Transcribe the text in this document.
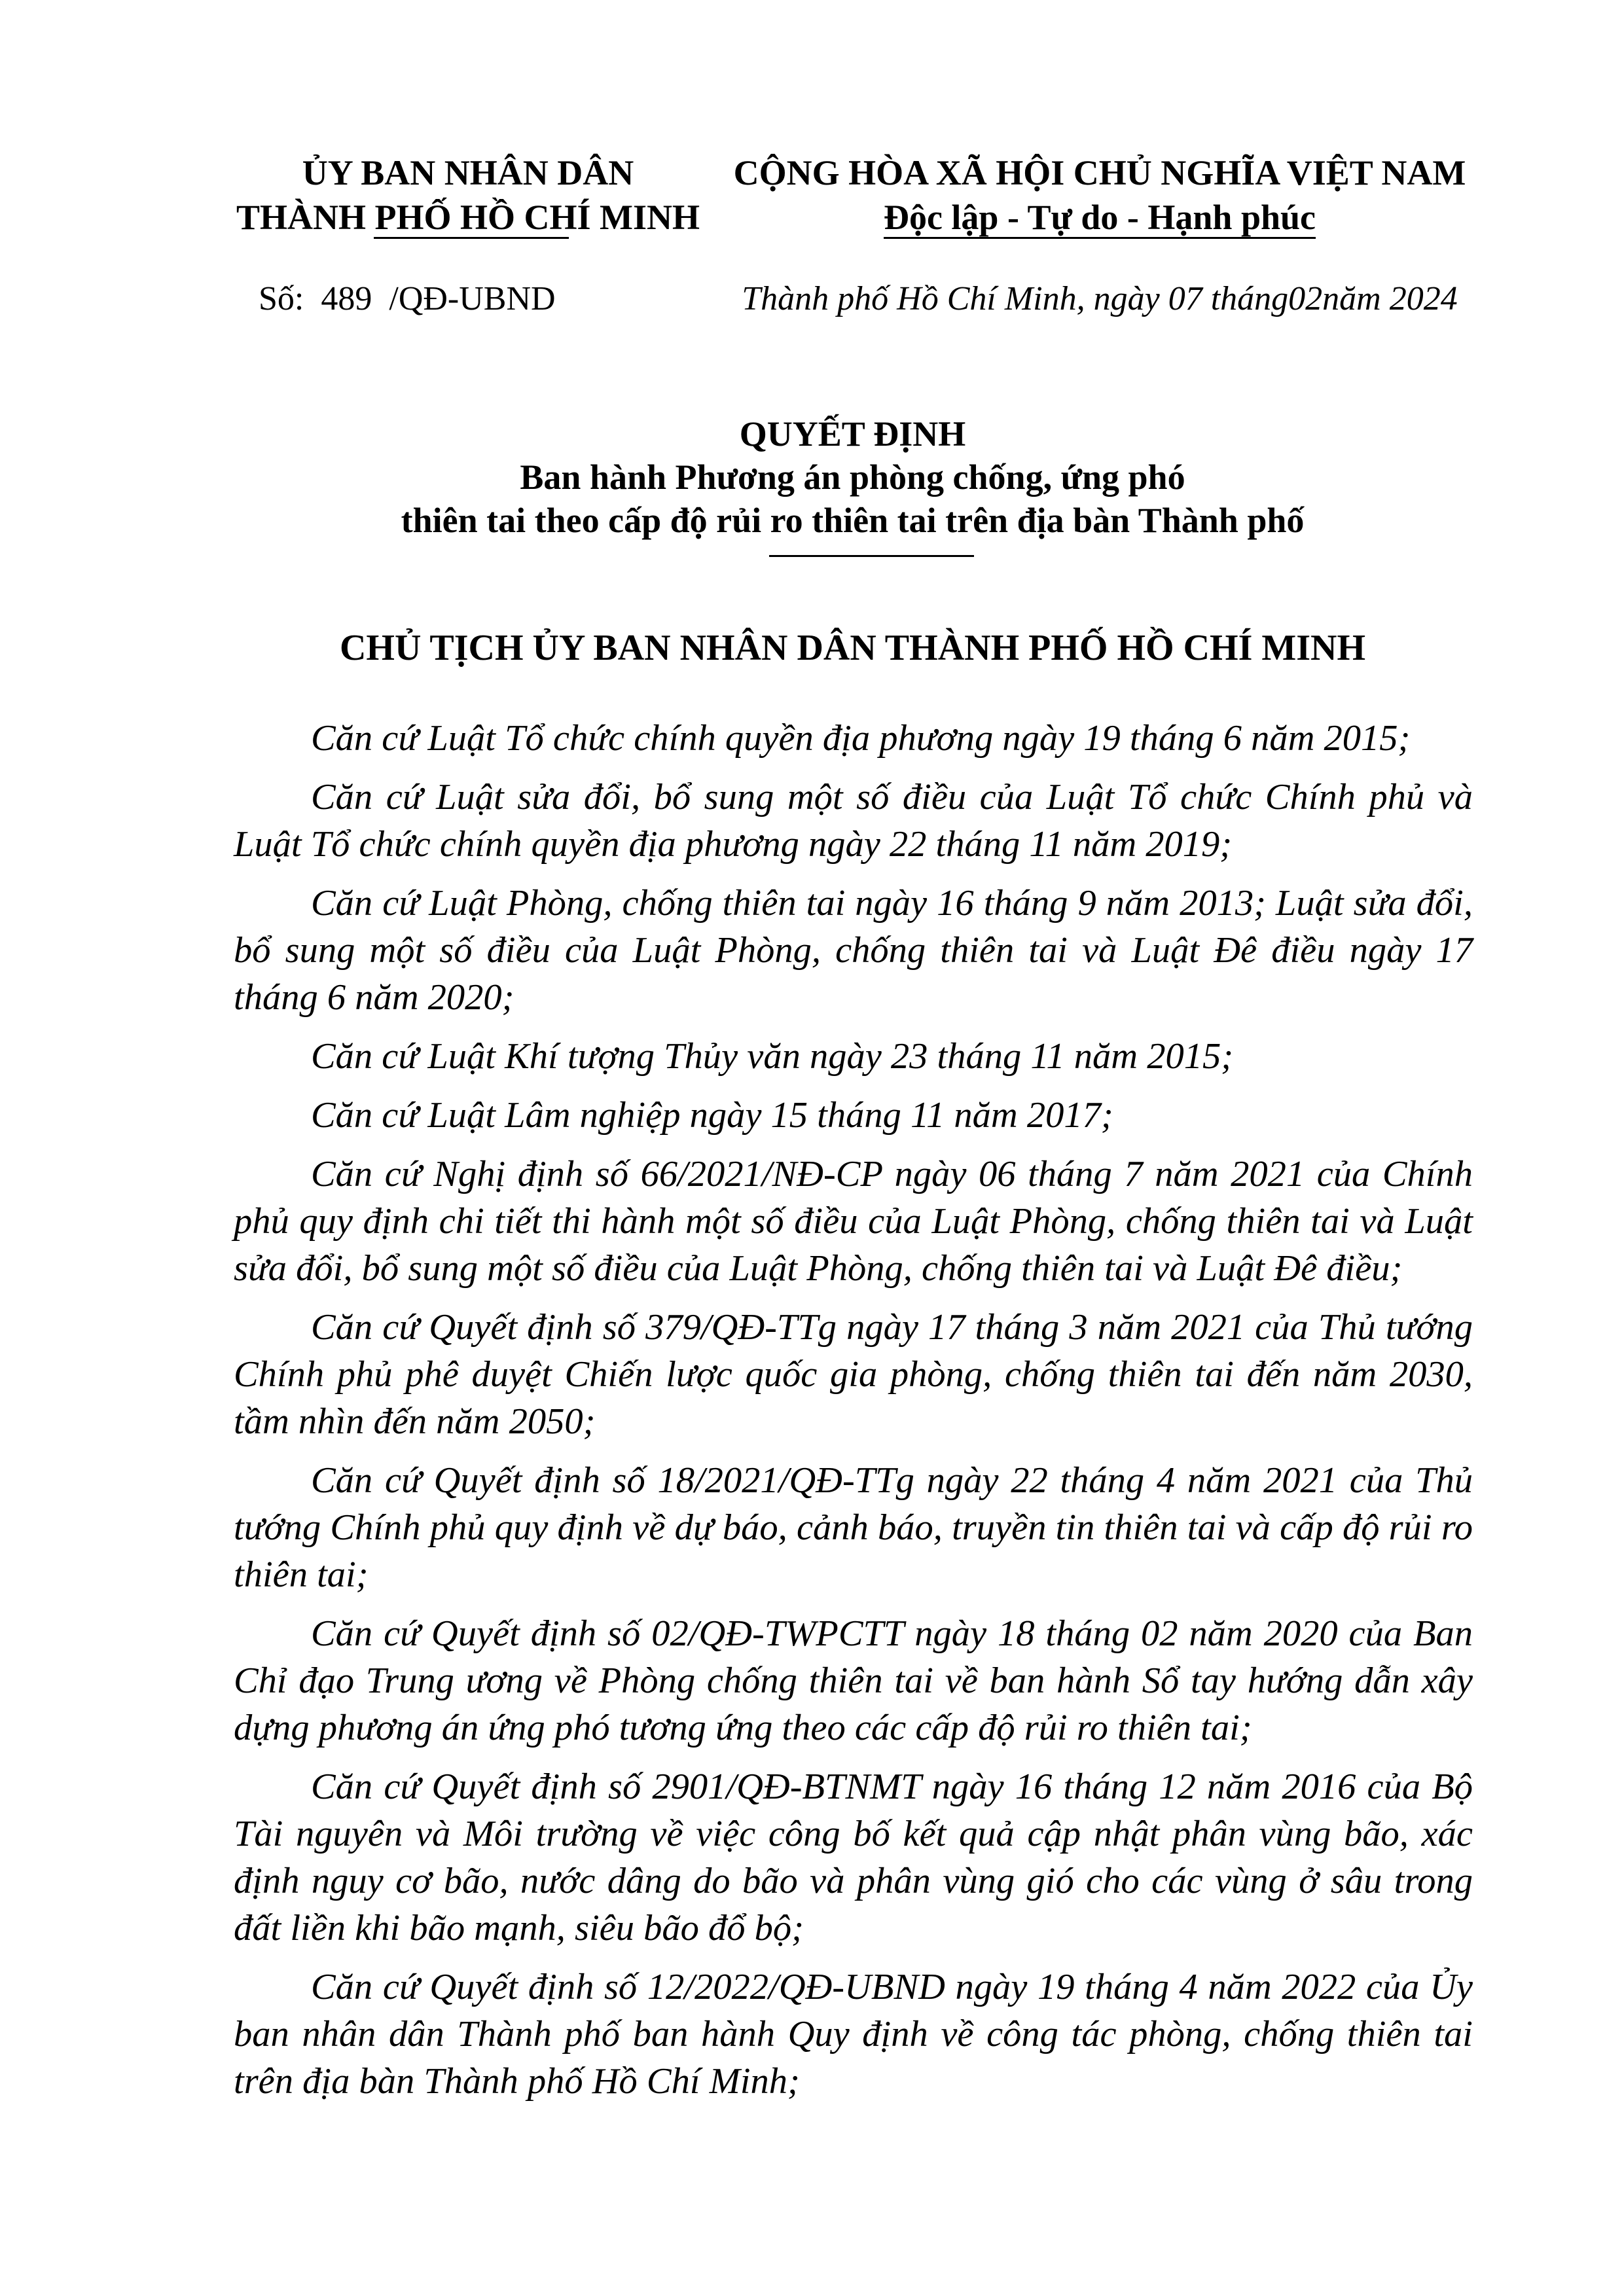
ỦY BAN NHÂN DÂN
THÀNH PHỐ HỒ CHÍ MINH
CỘNG HÒA XÃ HỘI CHỦ NGHĨA VIỆT NAM
Độc lập - Tự do - Hạnh phúc
Số:  489  /QĐ-UBND	Thành phố Hồ Chí Minh, ngày 07 tháng02năm 2024
QUYẾT ĐỊNH
Ban hành Phương án phòng chống, ứng phó
thiên tai theo cấp độ rủi ro thiên tai trên địa bàn Thành phố
CHỦ TỊCH ỦY BAN NHÂN DÂN THÀNH PHỐ HỒ CHÍ MINH

Căn cứ Luật Tổ chức chính quyền địa phương ngày 19 tháng 6 năm 2015;

Căn cứ Luật sửa đổi, bổ sung một số điều của Luật Tổ chức Chính phủ và Luật Tổ chức chính quyền địa phương ngày 22 tháng 11 năm 2019;

Căn cứ Luật Phòng, chống thiên tai ngày 16 tháng 9 năm 2013; Luật sửa đổi, bổ sung một số điều của Luật Phòng, chống thiên tai và Luật Đê điều ngày 17 tháng 6 năm 2020;

Căn cứ Luật Khí tượng Thủy văn ngày 23 tháng 11 năm 2015;

Căn cứ Luật Lâm nghiệp ngày 15 tháng 11 năm 2017;

Căn cứ Nghị định số 66/2021/NĐ-CP ngày 06 tháng 7 năm 2021 của Chính phủ quy định chi tiết thi hành một số điều của Luật Phòng, chống thiên tai và Luật sửa đổi, bổ sung một số điều của Luật Phòng, chống thiên tai và Luật Đê điều;

Căn cứ Quyết định số 379/QĐ-TTg ngày 17 tháng 3 năm 2021 của Thủ tướng Chính phủ phê duyệt Chiến lược quốc gia phòng, chống thiên tai đến năm 2030, tầm nhìn đến năm 2050;

Căn cứ Quyết định số 18/2021/QĐ-TTg ngày 22 tháng 4 năm 2021 của Thủ tướng Chính phủ quy định về dự báo, cảnh báo, truyền tin thiên tai và cấp độ rủi ro thiên tai;

Căn cứ Quyết định số 02/QĐ-TWPCTT ngày 18 tháng 02 năm 2020 của Ban Chỉ đạo Trung ương về Phòng chống thiên tai về ban hành Sổ tay hướng dẫn xây dựng phương án ứng phó tương ứng theo các cấp độ rủi ro thiên tai;

Căn cứ Quyết định số 2901/QĐ-BTNMT ngày 16 tháng 12 năm 2016 của Bộ Tài nguyên và Môi trường về việc công bố kết quả cập nhật phân vùng bão, xác định nguy cơ bão, nước dâng do bão và phân vùng gió cho các vùng ở sâu trong đất liền khi bão mạnh, siêu bão đổ bộ;

Căn cứ Quyết định số 12/2022/QĐ-UBND ngày 19 tháng 4 năm 2022 của Ủy ban nhân dân Thành phố ban hành Quy định về công tác phòng, chống thiên tai trên địa bàn Thành phố Hồ Chí Minh;
